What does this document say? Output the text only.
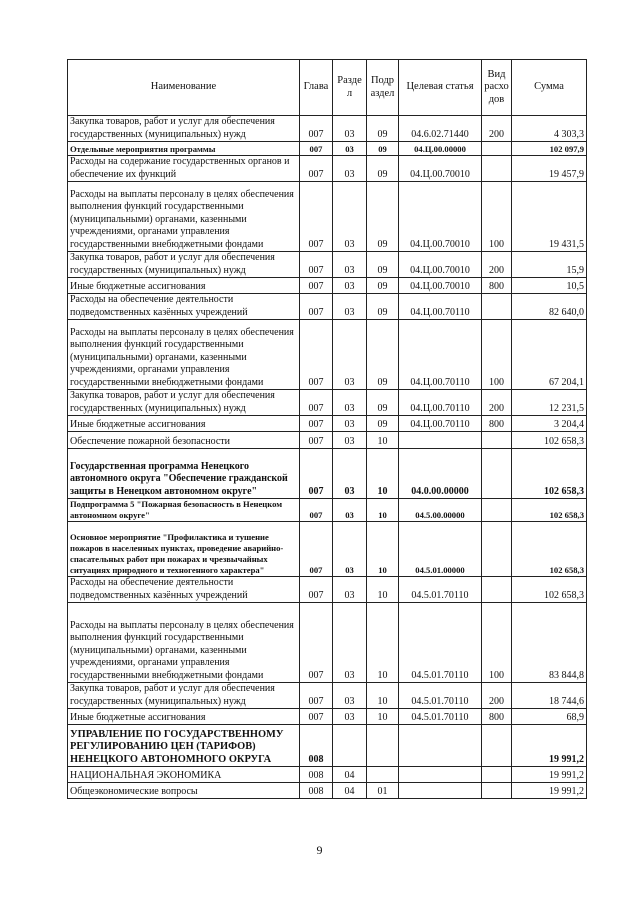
Наименование	Глава	Разде л	Подр аздел	Целевая статья	Вид расхо дов	Сумма
Закупка товаров, работ и услуг для обеспечения государственных (муниципальных) нужд	007	03	09	04.6.02.71440	200	4 303,3
Отдельные мероприятия программы	007	03	09	04.Ц.00.00000		102 097,9
Расходы на содержание государственных органов и обеспечение их функций	007	03	09	04.Ц.00.70010		19 457,9
Расходы на выплаты персоналу в целях обеспечения выполнения функций государственными (муниципальными) органами, казенными учреждениями, органами управления государственными внебюджетными фондами	007	03	09	04.Ц.00.70010	100	19 431,5
Закупка товаров, работ и услуг для обеспечения государственных (муниципальных) нужд	007	03	09	04.Ц.00.70010	200	15,9
Иные бюджетные ассигнования	007	03	09	04.Ц.00.70010	800	10,5
Расходы на обеспечение деятельности подведомственных казённых учреждений	007	03	09	04.Ц.00.70110		82 640,0
Расходы на выплаты персоналу в целях обеспечения выполнения функций государственными (муниципальными) органами, казенными учреждениями, органами управления государственными внебюджетными фондами	007	03	09	04.Ц.00.70110	100	67 204,1
Закупка товаров, работ и услуг для обеспечения государственных (муниципальных) нужд	007	03	09	04.Ц.00.70110	200	12 231,5
Иные бюджетные ассигнования	007	03	09	04.Ц.00.70110	800	3 204,4
Обеспечение пожарной безопасности	007	03	10			102 658,3
Государственная программа Ненецкого автономного округа "Обеспечение гражданской защиты в Ненецком автономном округе"	007	03	10	04.0.00.00000		102 658,3
Подпрограмма 5 "Пожарная безопасность в Ненецком автономном округе"	007	03	10	04.5.00.00000		102 658,3
Основное мероприятие "Профилактика и тушение пожаров в населенных пунктах, проведение аварийно-спасательных работ при пожарах и чрезвычайных ситуациях природного и техногенного характера"	007	03	10	04.5.01.00000		102 658,3
Расходы на обеспечение деятельности подведомственных казённых учреждений	007	03	10	04.5.01.70110		102 658,3
Расходы на выплаты персоналу в целях обеспечения выполнения функций государственными (муниципальными) органами, казенными учреждениями, органами управления государственными внебюджетными фондами	007	03	10	04.5.01.70110	100	83 844,8
Закупка товаров, работ и услуг для обеспечения государственных (муниципальных) нужд	007	03	10	04.5.01.70110	200	18 744,6
Иные бюджетные ассигнования	007	03	10	04.5.01.70110	800	68,9
УПРАВЛЕНИЕ ПО ГОСУДАРСТВЕННОМУ РЕГУЛИРОВАНИЮ ЦЕН (ТАРИФОВ) НЕНЕЦКОГО АВТОНОМНОГО ОКРУГА	008					19 991,2
НАЦИОНАЛЬНАЯ ЭКОНОМИКА	008	04				19 991,2
Общеэкономические вопросы	008	04	01			19 991,2
9
